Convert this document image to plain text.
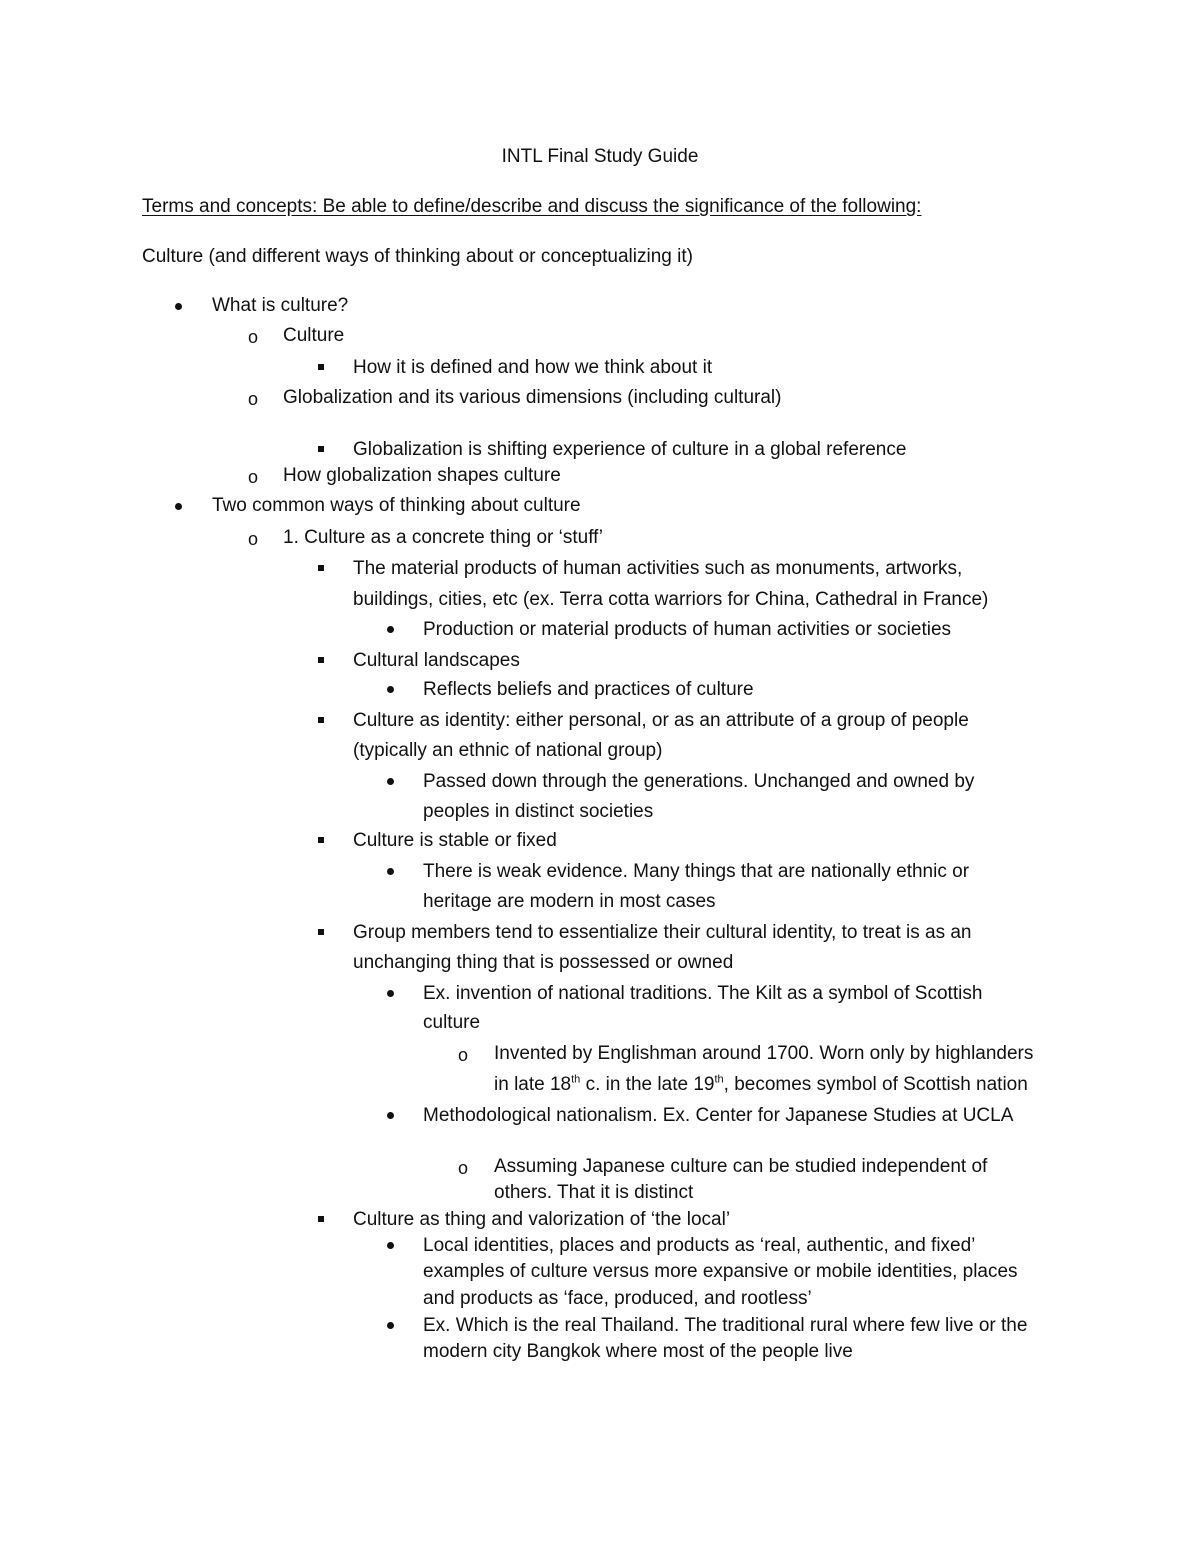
INTL Final Study Guide
Terms and concepts: Be able to define/describe and discuss the significance of the following:
Culture (and different ways of thinking about or conceptualizing it)
What is culture?
o Culture
How it is defined and how we think about it
o Globalization and its various dimensions (including cultural)
Globalization is shifting experience of culture in a global reference
o How globalization shapes culture
Two common ways of thinking about culture
o 1. Culture as a concrete thing or ‘stuff’
The material products of human activities such as monuments, artworks,
buildings, cities, etc (ex. Terra cotta warriors for China, Cathedral in France)
Production or material products of human activities or societies
Cultural landscapes
Reflects beliefs and practices of culture
Culture as identity: either personal, or as an attribute of a group of people
(typically an ethnic of national group)
Passed down through the generations. Unchanged and owned by
peoples in distinct societies
Culture is stable or fixed
There is weak evidence. Many things that are nationally ethnic or
heritage are modern in most cases
Group members tend to essentialize their cultural identity, to treat is as an
unchanging thing that is possessed or owned
Ex. invention of national traditions. The Kilt as a symbol of Scottish
culture
o Invented by Englishman around 1700. Worn only by highlanders
in late 18th c. in the late 19th, becomes symbol of Scottish nation
Methodological nationalism. Ex. Center for Japanese Studies at UCLA
o Assuming Japanese culture can be studied independent of
others. That it is distinct
Culture as thing and valorization of ‘the local’
Local identities, places and products as ‘real, authentic, and fixed’
examples of culture versus more expansive or mobile identities, places
and products as ‘face, produced, and rootless’
Ex. Which is the real Thailand. The traditional rural where few live or the
modern city Bangkok where most of the people live
